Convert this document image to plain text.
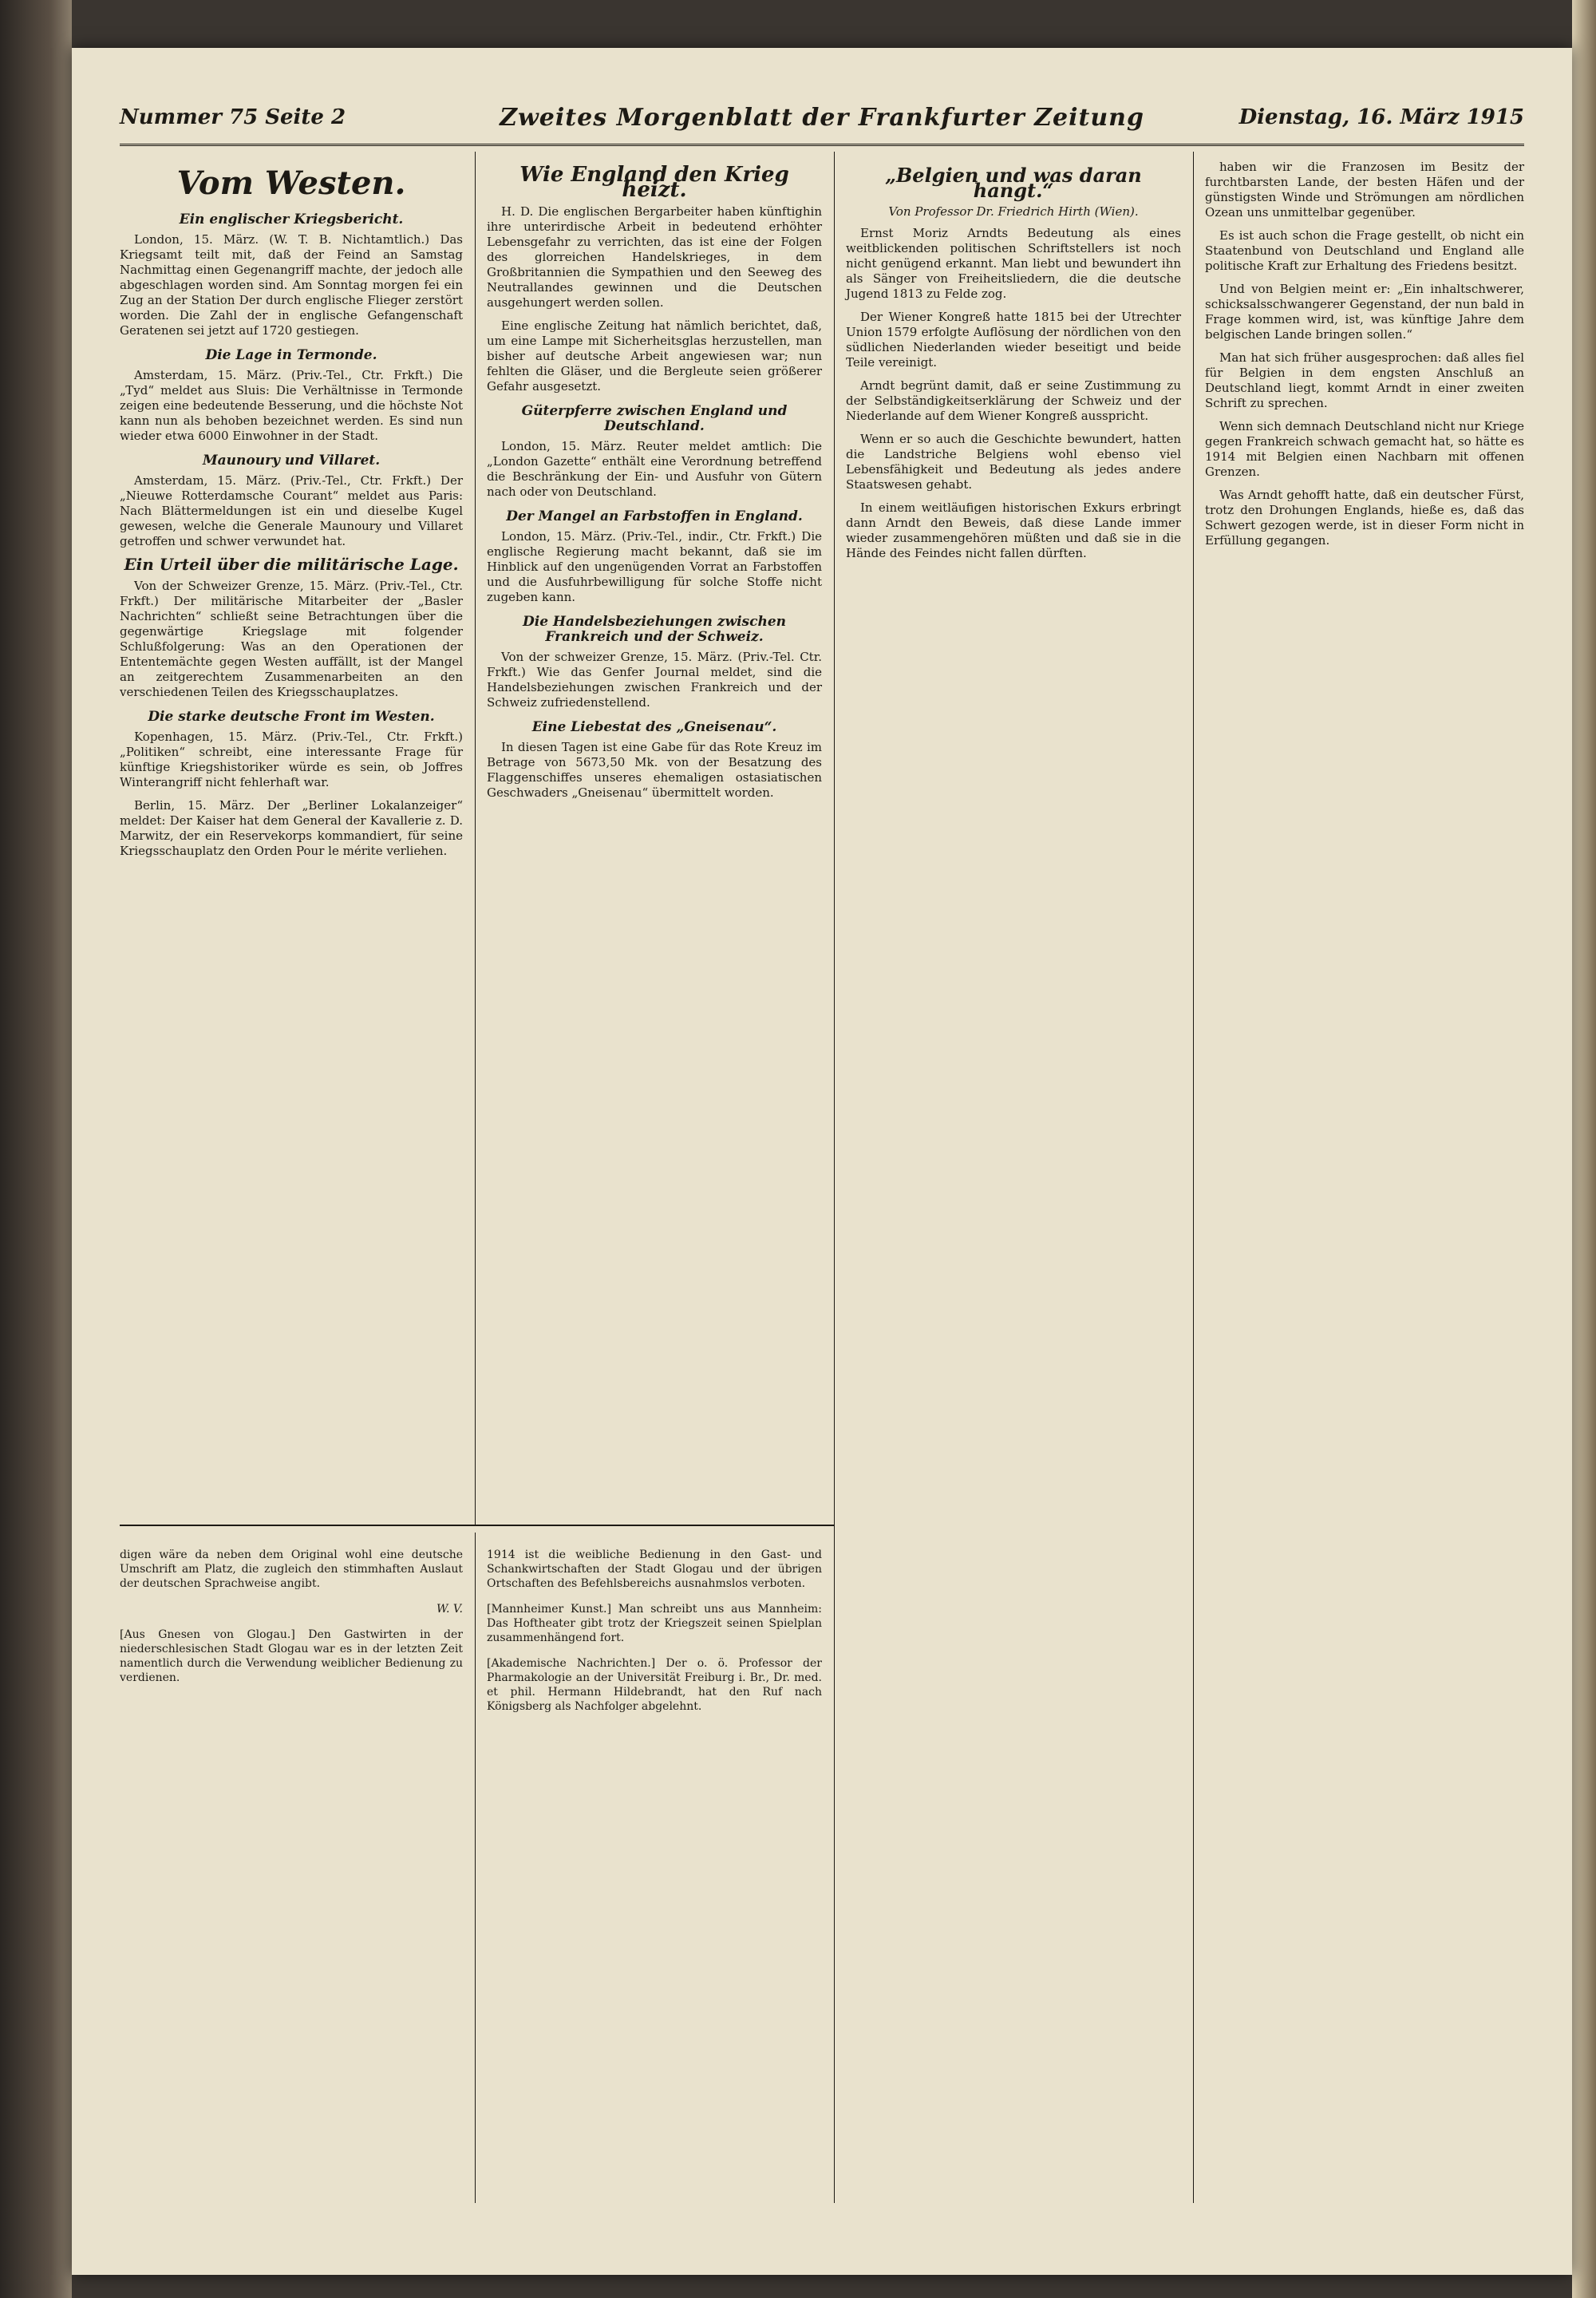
Nummer 75 Seite 2	Zweites Morgenblatt der Frankfurter Zeitung	Dienstag, 16. März 1915
Vom Westen.
Ein englischer Kriegsbericht.

London, 15. März. (W. T. B. Nichtamtlich.) Das Kriegsamt teilt mit, daß der Feind an Samstag Nachmittag einen Gegenangriff machte, der jedoch alle abgeschlagen worden sind. Am Sonntag morgen fei ein Zug an der Station Der durch englische Flieger zerstört worden. Die Zahl der in englische Gefangenschaft Geratenen sei jetzt auf 1720 gestiegen.

Die Lage in Termonde.

Amsterdam, 15. März. (Priv.-Tel., Ctr. Frkft.) Die „Tyd“ meldet aus Sluis: Die Verhältnisse in Termonde zeigen eine bedeutende Besserung, und die höchste Not kann nun als behoben bezeichnet werden. Es sind nun wieder etwa 6000 Einwohner in der Stadt.

Maunoury und Villaret.

Amsterdam, 15. März. (Priv.-Tel., Ctr. Frkft.) Der „Nieuwe Rotterdamsche Courant“ meldet aus Paris: Nach Blättermeldungen ist ein und dieselbe Kugel gewesen, welche die Generale Maunoury und Villaret getroffen und schwer verwundet hat.

Ein Urteil über die militärische Lage.

Von der Schweizer Grenze, 15. März. (Priv.-Tel., Ctr. Frkft.) Der militärische Mitarbeiter der „Basler Nachrichten“ schließt seine Betrachtungen über die gegenwärtige Kriegslage mit folgender Schlußfolgerung: Was an den Operationen der Ententemächte gegen Westen auffällt, ist der Mangel an zeitgerechtem Zusammenarbeiten an den verschiedenen Teilen des Kriegsschauplatzes.

Die starke deutsche Front im Westen.

Kopenhagen, 15. März. (Priv.-Tel., Ctr. Frkft.) „Politiken“ schreibt, eine interessante Frage für künftige Kriegshistoriker würde es sein, ob Joffres Winterangriff nicht fehlerhaft war.

Berlin, 15. März. Der „Berliner Lokalanzeiger“ meldet: Der Kaiser hat dem General der Kavallerie z. D. Marwitz, der ein Reservekorps kommandiert, für seine Kriegsschauplatz den Orden Pour le mérite verliehen.

Wie England den Krieg heizt.

H. D. Die englischen Bergarbeiter haben künftighin ihre unterirdische Arbeit in bedeutend erhöhter Lebensgefahr zu verrichten, das ist eine der Folgen des glorreichen Handelskrieges, in dem Großbritannien die Sympathien und den Seeweg des Neutrallandes gewinnen und die Deutschen ausgehungert werden sollen.

Eine englische Zeitung hat nämlich berichtet, daß, um eine Lampe mit Sicherheitsglas herzustellen, man bisher auf deutsche Arbeit angewiesen war; nun fehlten die Gläser, und die Bergleute seien größerer Gefahr ausgesetzt.

Güterpferre zwischen England und Deutschland.

London, 15. März. Reuter meldet amtlich: Die „London Gazette“ enthält eine Verordnung betreffend die Beschränkung der Ein- und Ausfuhr von Gütern nach oder von Deutschland.

Der Mangel an Farbstoffen in England.

London, 15. März. (Priv.-Tel., indir., Ctr. Frkft.) Die englische Regierung macht bekannt, daß sie im Hinblick auf den ungenügenden Vorrat an Farbstoffen und die Ausfuhrbewilligung für solche Stoffe nicht zugeben kann.

Die Handelsbeziehungen zwischen Frankreich und der Schweiz.

Von der schweizer Grenze, 15. März. (Priv.-Tel. Ctr. Frkft.) Wie das Genfer Journal meldet, sind die Handelsbeziehungen zwischen Frankreich und der Schweiz zufriedenstellend.

Eine Liebestat des „Gneisenau“.

In diesen Tagen ist eine Gabe für das Rote Kreuz im Betrage von 5673,50 Mk. von der Besatzung des Flaggenschiffes unseres ehemaligen ostasiatischen Geschwaders „Gneisenau“ übermittelt worden.

„Belgien und was daran hangt.“
Von Professor Dr. Friedrich Hirth (Wien).

Ernst Moriz Arndts Bedeutung als eines weitblickenden politischen Schriftstellers ist noch nicht genügend erkannt. Man liebt und bewundert ihn als Sänger von Freiheitsliedern, die die deutsche Jugend 1813 zu Felde zog.

Der Wiener Kongreß hatte 1815 bei der Utrechter Union 1579 erfolgte Auflösung der nördlichen von den südlichen Niederlanden wieder beseitigt und beide Teile vereinigt.

Arndt begrünt damit, daß er seine Zustimmung zu der Selbständigkeitserklärung der Schweiz und der Niederlande auf dem Wiener Kongreß ausspricht.

Wenn er so auch die Geschichte bewundert, hatten die Landstriche Belgiens wohl ebenso viel Lebensfähigkeit und Bedeutung als jedes andere Staatswesen gehabt.

In einem weitläufigen historischen Exkurs erbringt dann Arndt den Beweis, daß diese Lande immer wieder zusammengehören müßten und daß sie in die Hände des Feindes nicht fallen dürften.

haben wir die Franzosen im Besitz der furchtbarsten Lande, der besten Häfen und der günstigsten Winde und Strömungen am nördlichen Ozean uns unmittelbar gegenüber.

Es ist auch schon die Frage gestellt, ob nicht ein Staatenbund von Deutschland und England alle politische Kraft zur Erhaltung des Friedens besitzt.

Und von Belgien meint er: „Ein inhaltschwerer, schicksalsschwangerer Gegenstand, der nun bald in Frage kommen wird, ist, was künftige Jahre dem belgischen Lande bringen sollen.“

Man hat sich früher ausgesprochen: daß alles fiel für Belgien in dem engsten Anschluß an Deutschland liegt, kommt Arndt in einer zweiten Schrift zu sprechen.

Wenn sich demnach Deutschland nicht nur Kriege gegen Frankreich schwach gemacht hat, so hätte es 1914 mit Belgien einen Nachbarn mit offenen Grenzen.

Was Arndt gehofft hatte, daß ein deutscher Fürst, trotz den Drohungen Englands, hieße es, daß das Schwert gezogen werde, ist in dieser Form nicht in Erfüllung gegangen.

digen wäre da neben dem Original wohl eine deutsche Umschrift am Platz, die zugleich den stimmhaften Auslaut der deutschen Sprachweise angibt.

W. V.

[Aus Gnesen von Glogau.] Den Gastwirten in der niederschlesischen Stadt Glogau war es in der letzten Zeit namentlich durch die Verwendung weiblicher Bedienung zu verdienen.

1914 ist die weibliche Bedienung in den Gast- und Schankwirtschaften der Stadt Glogau und der übrigen Ortschaften des Befehlsbereichs ausnahmslos verboten.

[Mannheimer Kunst.] Man schreibt uns aus Mannheim: Das Hoftheater gibt trotz der Kriegszeit seinen Spielplan zusammenhängend fort.

[Akademische Nachrichten.] Der o. ö. Professor der Pharmakologie an der Universität Freiburg i. Br., Dr. med. et phil. Hermann Hildebrandt, hat den Ruf nach Königsberg als Nachfolger abgelehnt.
